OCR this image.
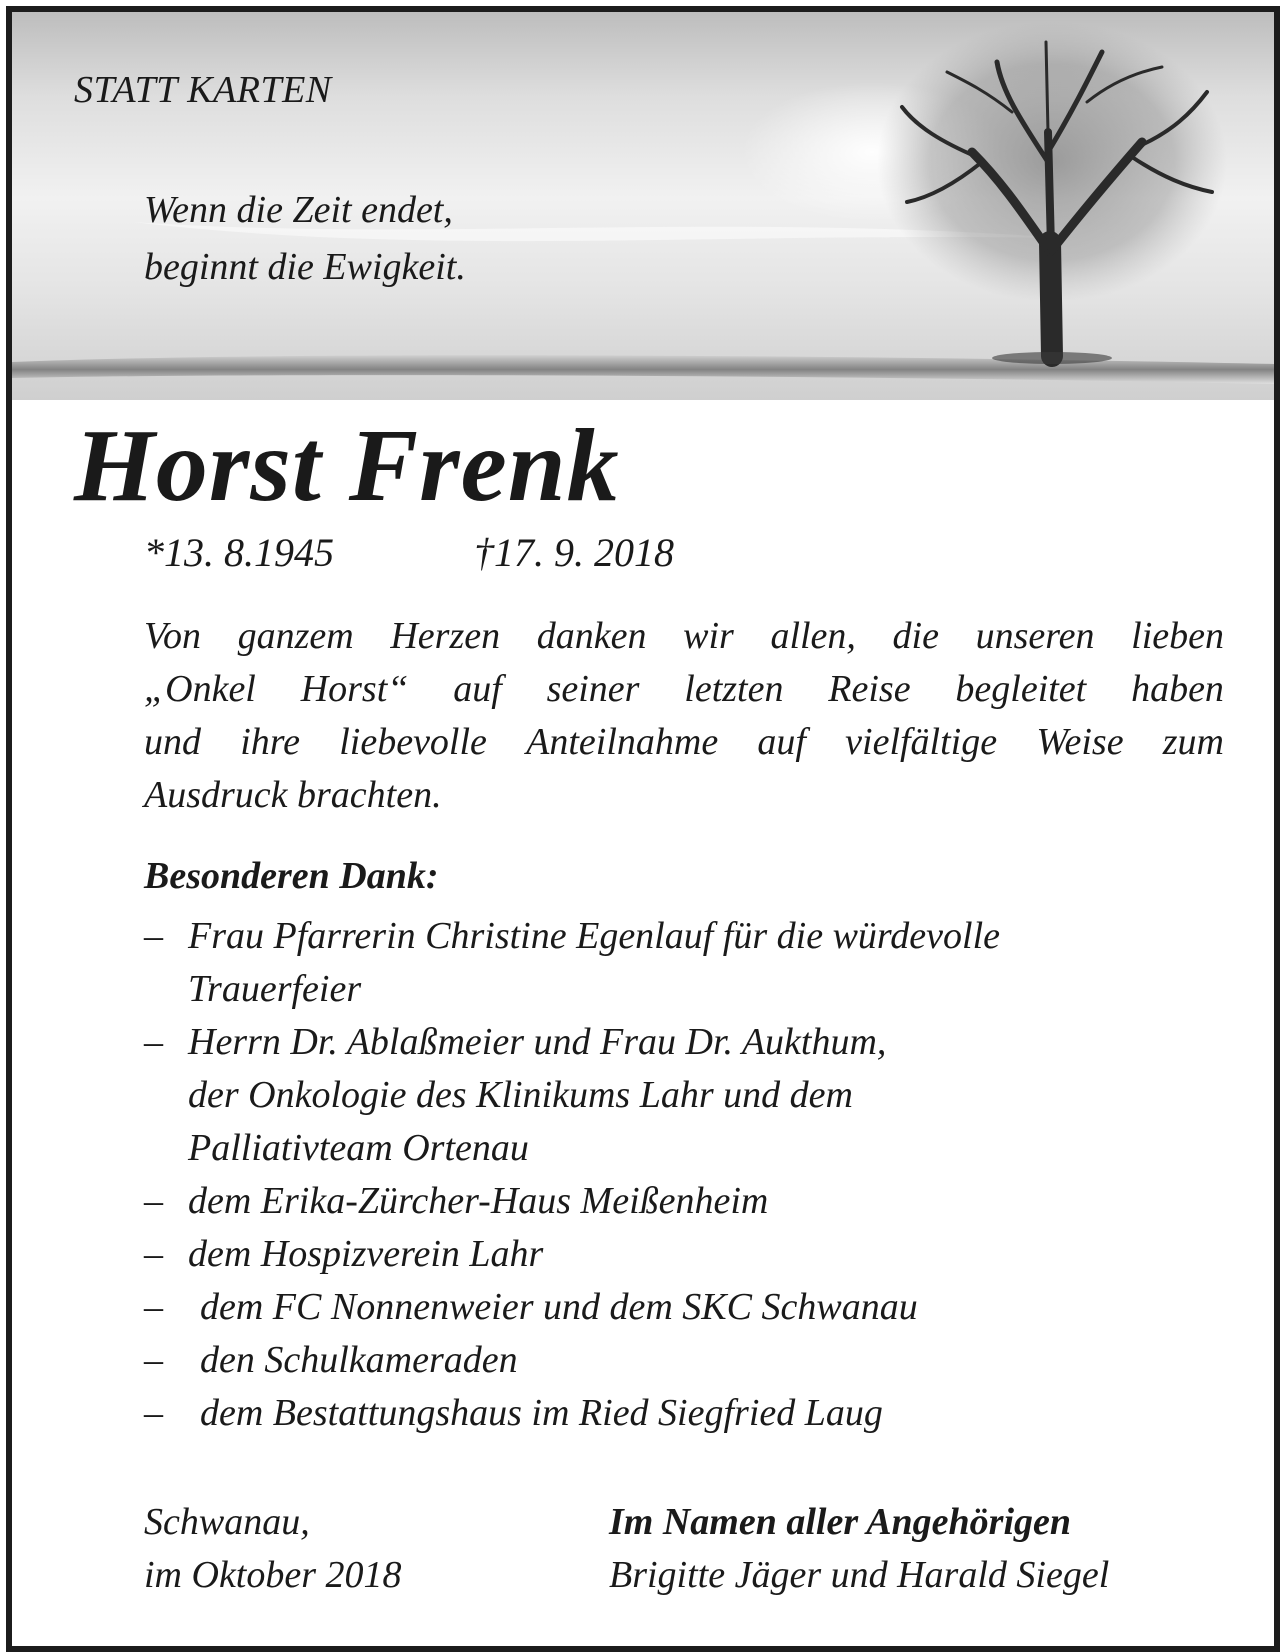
STATT KARTEN
Wenn die Zeit endet,
beginnt die Ewigkeit.
Horst Frenk
*13. 8.1945	†17. 9. 2018
Von ganzem Herzen danken wir allen, die unseren lieben
„Onkel Horst“ auf seiner letzten Reise begleitet haben
und ihre liebevolle Anteilnahme auf vielfältige Weise zum
Ausdruck brachten.
Besonderen Dank:
– Frau Pfarrerin Christine Egenlauf für die würdevolle
Trauerfeier
– Herrn Dr. Ablaßmeier und Frau Dr. Aukthum,
der Onkologie des Klinikums Lahr und dem
Palliativteam Ortenau
– dem Erika-Zürcher-Haus Meißenheim
– dem Hospizverein Lahr
– dem FC Nonnenweier und dem SKC Schwanau
– den Schulkameraden
– dem Bestattungshaus im Ried Siegfried Laug
Schwanau,
im Oktober 2018
Im Namen aller Angehörigen
Brigitte Jäger und Harald Siegel
